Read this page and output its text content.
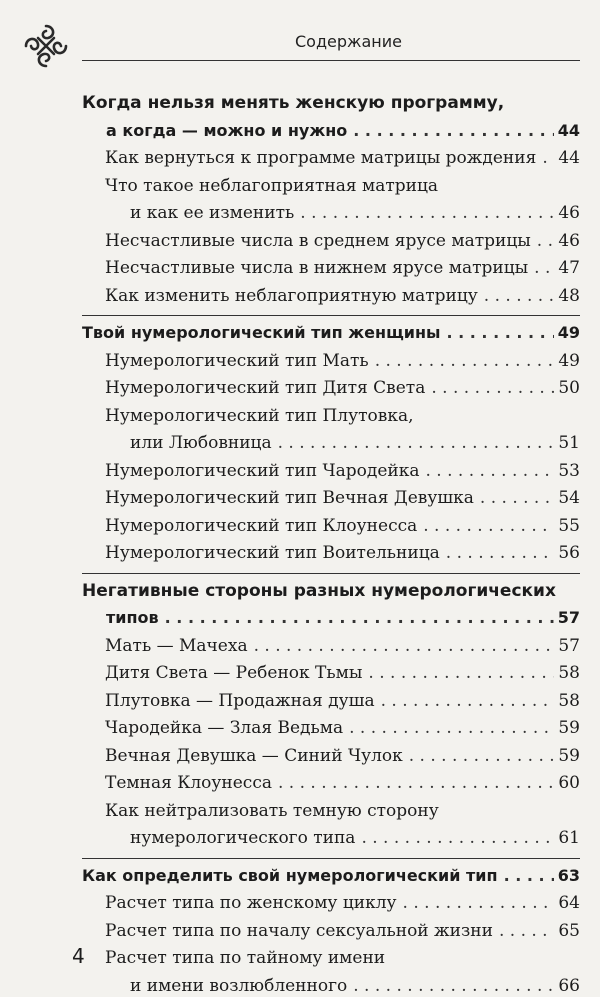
Содержание
Когда нельзя менять женскую программу,
а когда — можно и нужно . . .	44
Как вернуться к программе матрицы рождения . . . 44
Что такое неблагоприятная матрица
и как ее изменить . . .	46
Несчастливые числа в среднем ярусе матрицы . . . 46
Несчастливые числа в нижнем ярусе матрицы . . . 47
Как изменить неблагоприятную матрицу . . .	48
Твой нумерологический тип женщины . . .	49
Нумерологический тип Мать . . .	49
Нумерологический тип Дитя Света . . .	50
Нумерологический тип Плутовка,
или Любовница . . .	51
Нумерологический тип Чародейка . . .	53
Нумерологический тип Вечная Девушка . . .	54
Нумерологический тип Клоунесса . . .	55
Нумерологический тип Воительница . . .	56
Негативные стороны разных нумерологических
типов . . .	57
Мать — Мачеха . . .	57
Дитя Света — Ребенок Тьмы . . .	58
Плутовка — Продажная душа . . .	58
Чародейка — Злая Ведьма . . .	59
Вечная Девушка — Синий Чулок . . .	59
Темная Клоунесса . . .	60
Как нейтрализовать темную сторону
нумерологического типа . . .	61
Как определить свой нумерологический тип . . .	63
Расчет типа по женскому циклу . . .	64
Расчет типа по началу сексуальной жизни . . .	65
Расчет типа по тайному имени
и имени возлюбленного . . .	66
4
